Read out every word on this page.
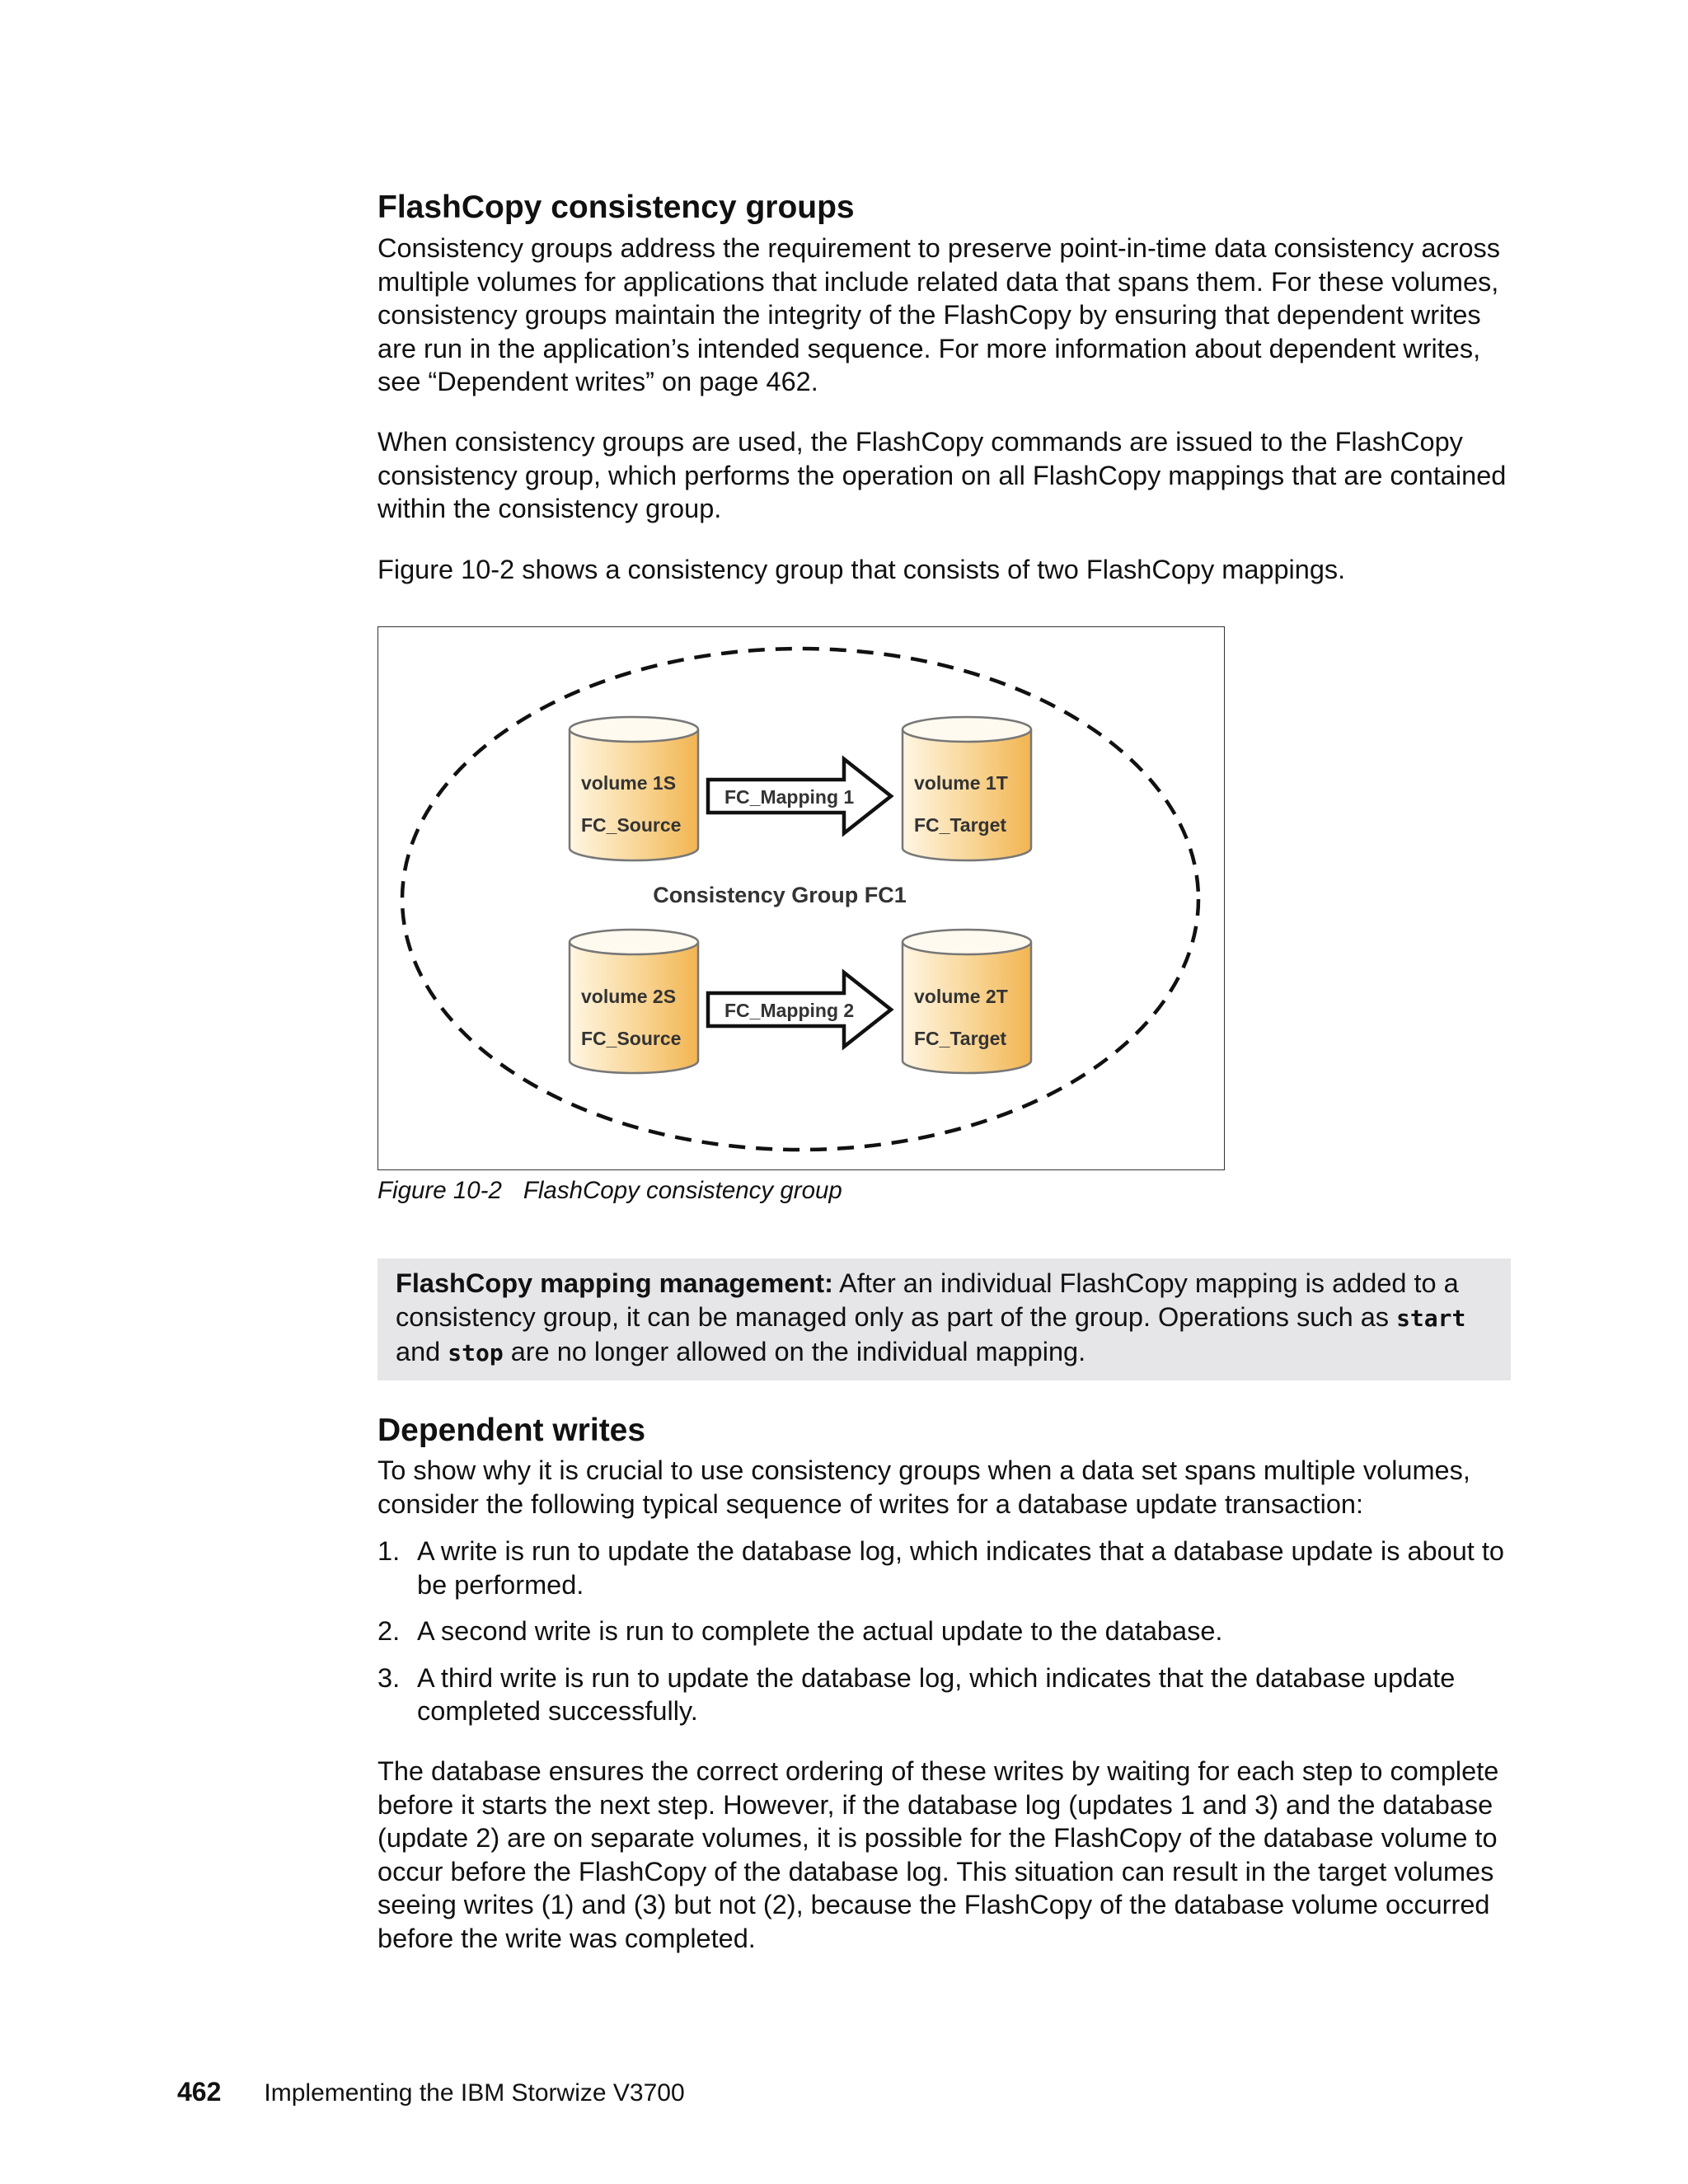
FlashCopy consistency groups

Consistency groups address the requirement to preserve point-in-time data consistency across multiple volumes for applications that include related data that spans them. For these volumes, consistency groups maintain the integrity of the FlashCopy by ensuring that dependent writes are run in the application’s intended sequence. For more information about dependent writes, see “Dependent writes” on page 462.

When consistency groups are used, the FlashCopy commands are issued to the FlashCopy consistency group, which performs the operation on all FlashCopy mappings that are contained within the consistency group.

Figure 10-2 shows a consistency group that consists of two FlashCopy mappings.

volume 1S
FC_Source
FC_Mapping 1
volume 1T
FC_Target
Consistency Group FC1
volume 2S
FC_Source
FC_Mapping 2
volume 2T
FC_Target
Figure 10-2 FlashCopy consistency group

FlashCopy mapping management: After an individual FlashCopy mapping is added to a consistency group, it can be managed only as part of the group. Operations such as start and stop are no longer allowed on the individual mapping.

Dependent writes

To show why it is crucial to use consistency groups when a data set spans multiple volumes, consider the following typical sequence of writes for a database update transaction:

1. A write is run to update the database log, which indicates that a database update is about to be performed.
2. A second write is run to complete the actual update to the database.
3. A third write is run to update the database log, which indicates that the database update completed successfully.

The database ensures the correct ordering of these writes by waiting for each step to complete before it starts the next step. However, if the database log (updates 1 and 3) and the database (update 2) are on separate volumes, it is possible for the FlashCopy of the database volume to occur before the FlashCopy of the database log. This situation can result in the target volumes seeing writes (1) and (3) but not (2), because the FlashCopy of the database volume occurred before the write was completed.

462 Implementing the IBM Storwize V3700
